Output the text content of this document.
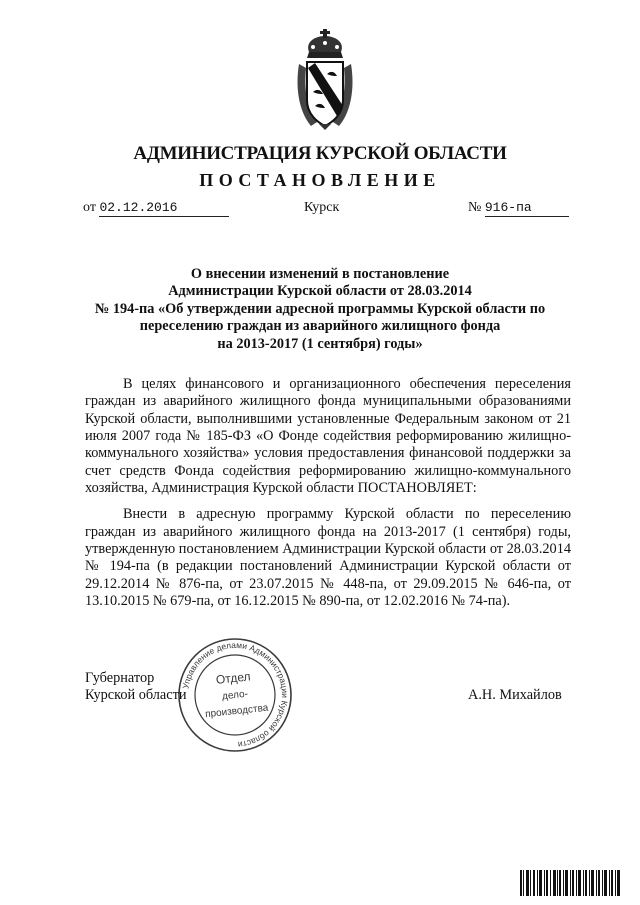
АДМИНИСТРАЦИЯ КУРСКОЙ ОБЛАСТИ
ПОСТАНОВЛЕНИЕ
от 02.12.2016	Курск	№ 916-па
О внесении изменений в постановление
Администрации Курской области от 28.03.2014
№ 194-па «Об утверждении адресной программы Курской области по
переселению граждан из аварийного жилищного фонда
на 2013-2017 (1 сентября) годы»

В целях финансового и организационного обеспечения переселения граждан из аварийного жилищного фонда муниципальными образованиями Курской области, выполнившими установленные Федеральным законом от 21 июля 2007 года № 185-ФЗ «О Фонде содействия реформированию жилищно-коммунального хозяйства» условия предоставления финансовой поддержки за счет средств Фонда содействия реформированию жилищно-коммунального хозяйства, Администрация Курской области ПОСТАНОВЛЯЕТ:

Внести в адресную программу Курской области по переселению граждан из аварийного жилищного фонда на 2013-2017 (1 сентября) годы, утвержденную постановлением Администрации Курской области от 28.03.2014 № 194-па (в редакции постановлений Администрации Курской области от 29.12.2014 № 876-па, от 23.07.2015 № 448-па, от 29.09.2015 № 646-па, от 13.10.2015 № 679-па, от 16.12.2015 № 890-па, от 12.02.2016 № 74-па).

Губернатор
Курской области	А.Н. Михайлов
Управление делами Администрации Курской области
Отдел
дело-
производства
